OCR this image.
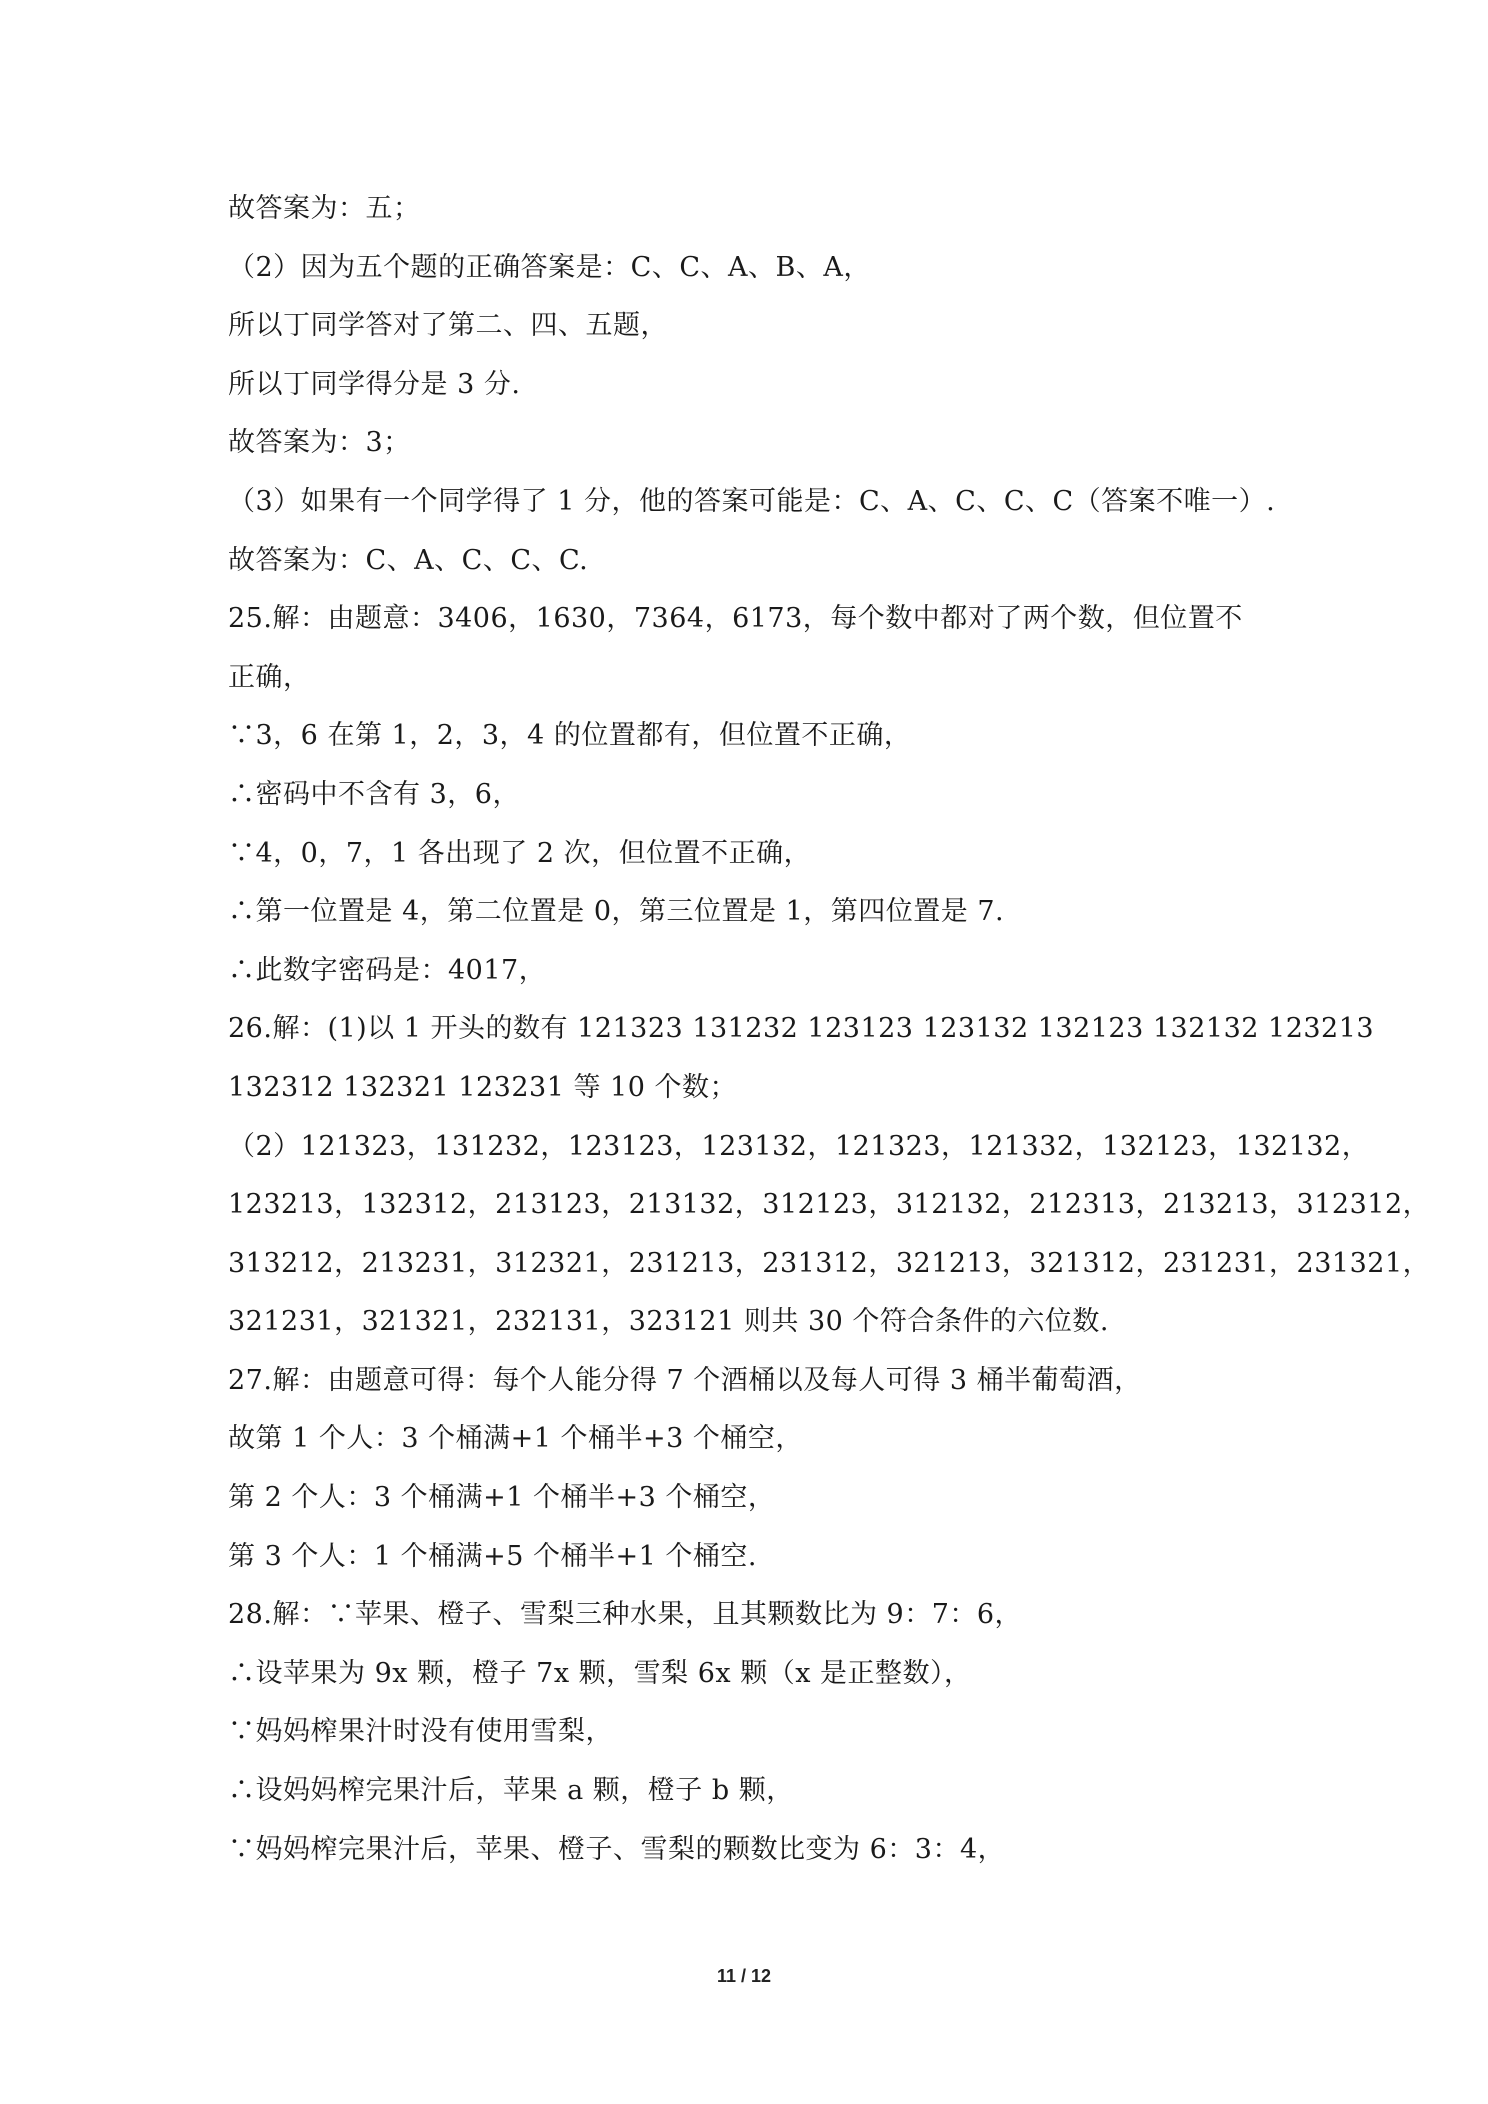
故答案为：五；
（2）因为五个题的正确答案是：C、C、A、B、A，
所以丁同学答对了第二、四、五题，
所以丁同学得分是 3 分.
故答案为：3；
（3）如果有一个同学得了 1 分，他的答案可能是：C、A、C、C、C（答案不唯一）.
故答案为：C、A、C、C、C.
25.解：由题意：3406，1630，7364，6173，每个数中都对了两个数，但位置不
正确，
∵3，6 在第 1，2，3，4 的位置都有，但位置不正确，
∴密码中不含有 3，6，
∵4，0，7，1 各出现了 2 次，但位置不正确，
∴第一位置是 4，第二位置是 0，第三位置是 1，第四位置是 7.
∴此数字密码是：4017，
26.解：(1)以 1 开头的数有 121323 131232 123123 123132 132123 132132 123213
132312 132321 123231 等 10 个数；
（2）121323，131232，123123，123132，121323，121332，132123，132132，
123213，132312，213123，213132，312123，312132，212313，213213，312312，
313212，213231，312321，231213，231312，321213，321312，231231，231321，
321231，321321，232131，323121 则共 30 个符合条件的六位数.
27.解：由题意可得：每个人能分得 7 个酒桶以及每人可得 3 桶半葡萄酒，
故第 1 个人：3 个桶满+1 个桶半+3 个桶空，
第 2 个人：3 个桶满+1 个桶半+3 个桶空，
第 3 个人：1 个桶满+5 个桶半+1 个桶空.
28.解：∵苹果、橙子、雪梨三种水果，且其颗数比为 9：7：6，
∴设苹果为 9x 颗，橙子 7x 颗，雪梨 6x 颗（x 是正整数），
∵妈妈榨果汁时没有使用雪梨，
∴设妈妈榨完果汁后，苹果 a 颗，橙子 b 颗，
∵妈妈榨完果汁后，苹果、橙子、雪梨的颗数比变为 6：3：4，
11 / 12
